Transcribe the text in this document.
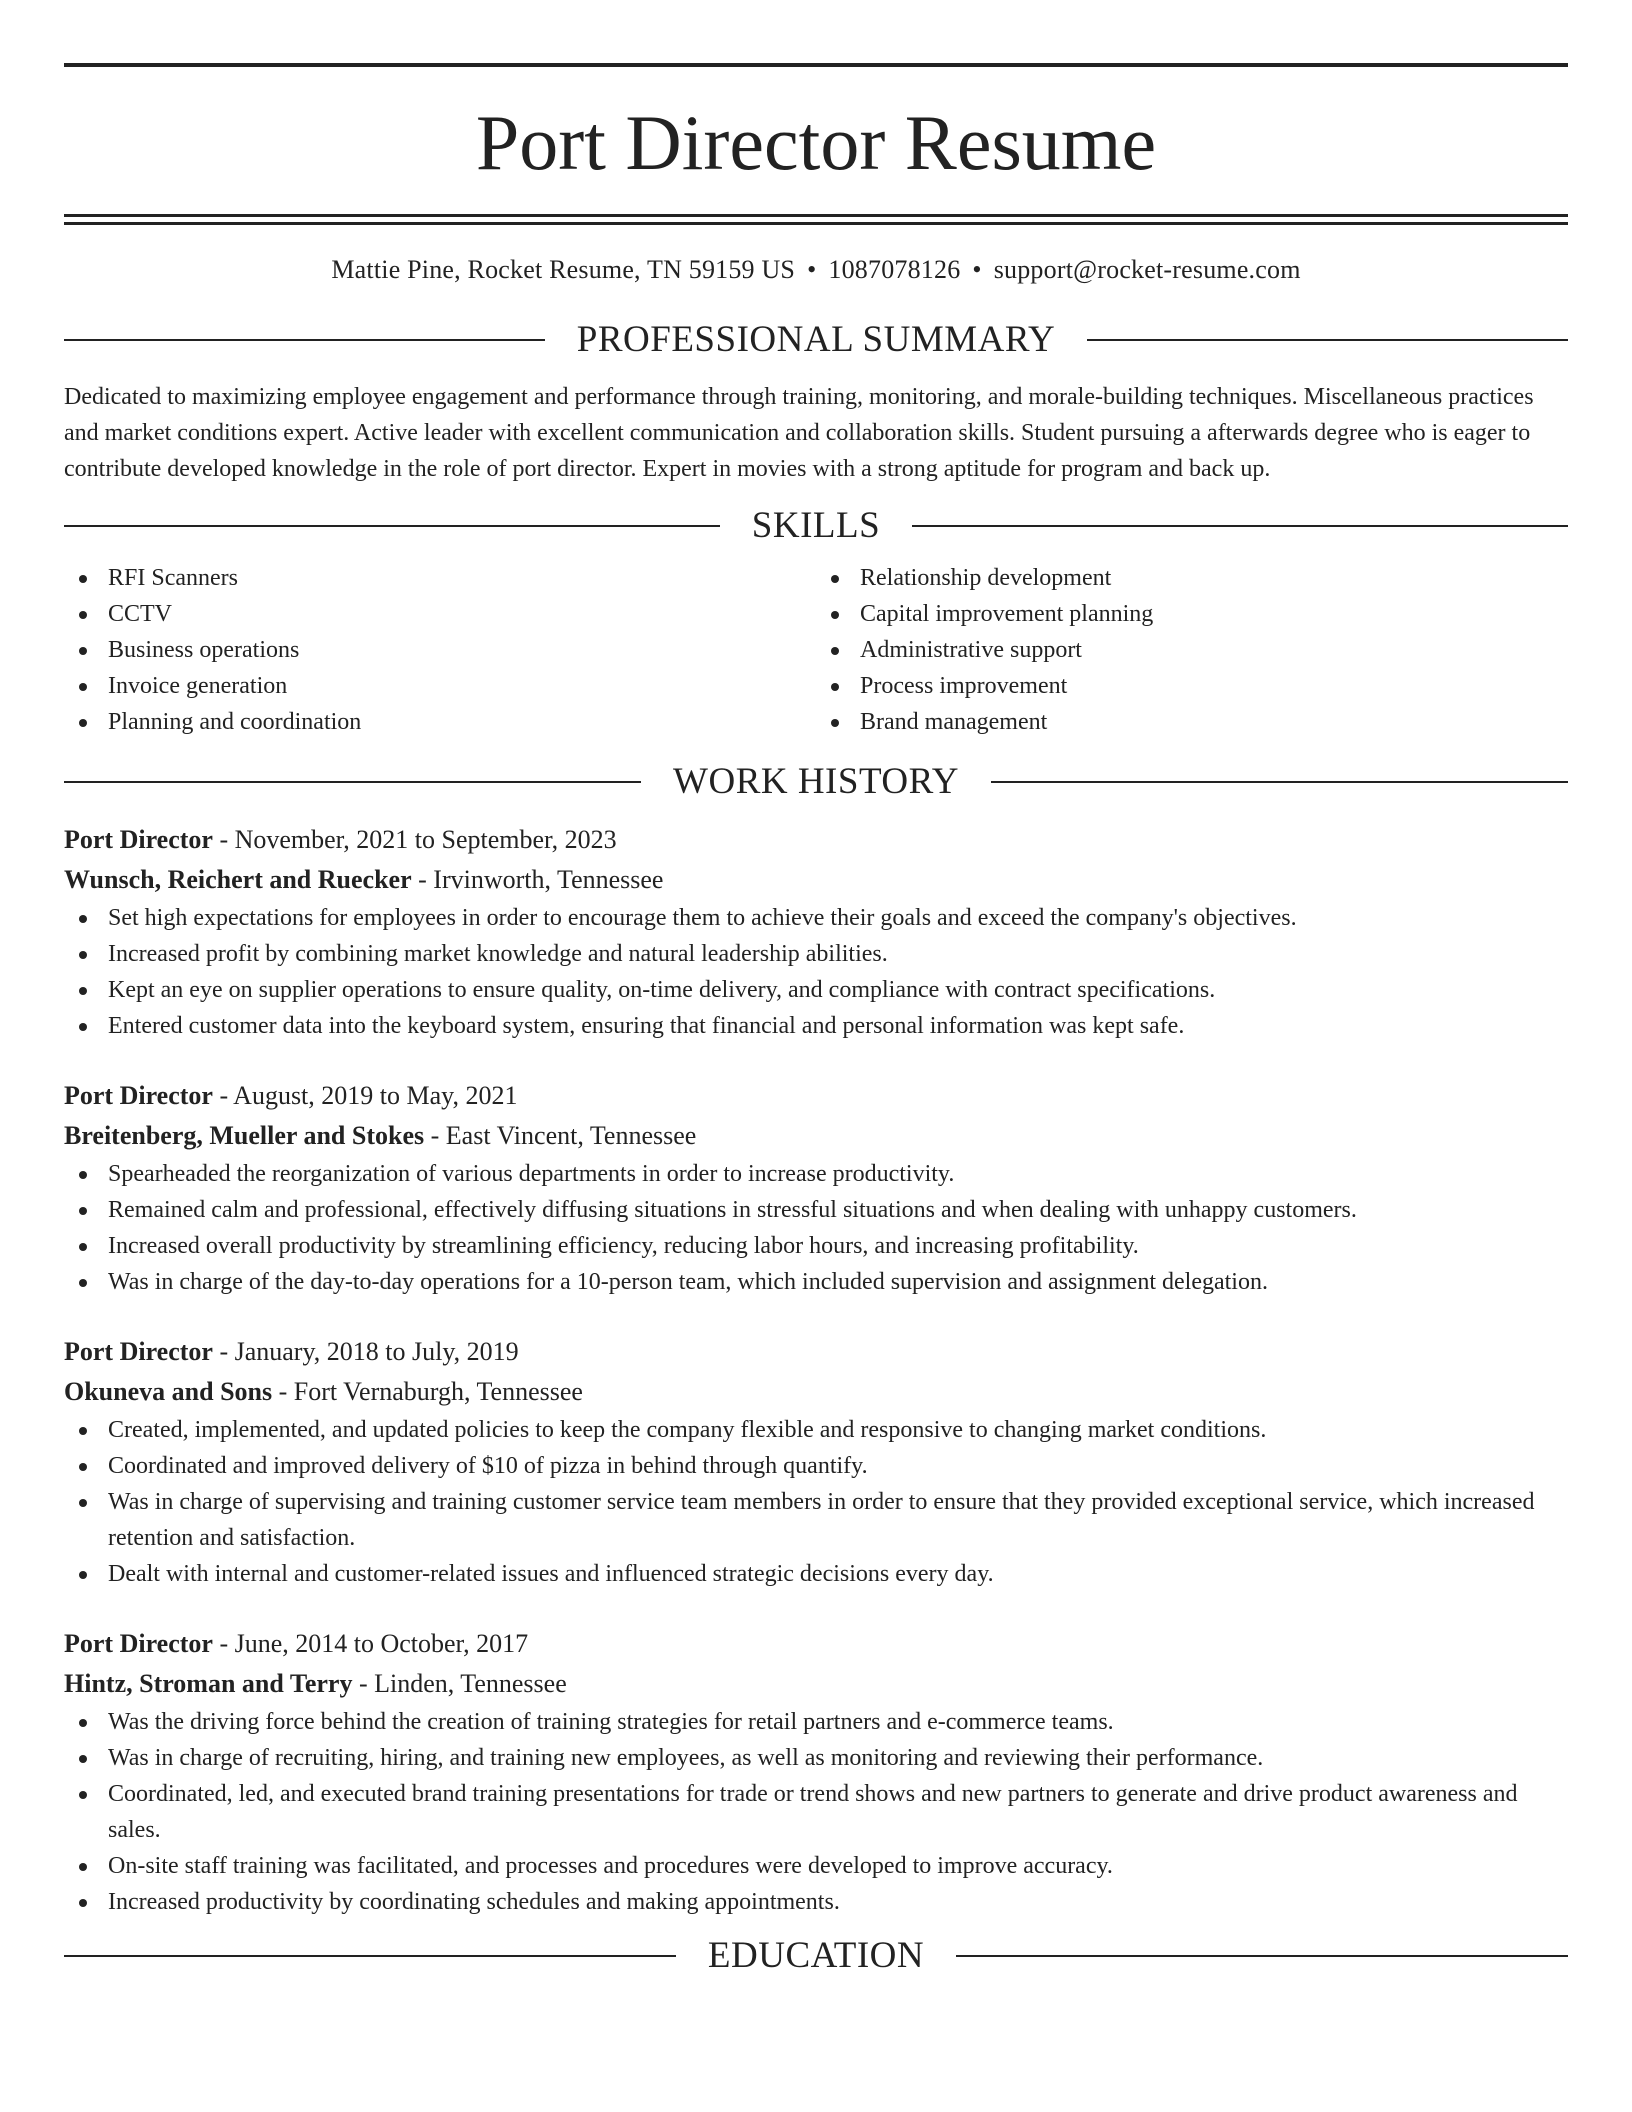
Port Director Resume
Mattie Pine, Rocket Resume, TN 59159 US • 1087078126 • support@rocket-resume.com
PROFESSIONAL SUMMARY

Dedicated to maximizing employee engagement and performance through training, monitoring, and morale-building techniques. Miscellaneous practices and market conditions expert. Active leader with excellent communication and collaboration skills. Student pursuing a afterwards degree who is eager to contribute developed knowledge in the role of port director. Expert in movies with a strong aptitude for program and back up.

SKILLS
RFI Scanners
CCTV
Business operations
Invoice generation
Planning and coordination
Relationship development
Capital improvement planning
Administrative support
Process improvement
Brand management
WORK HISTORY
Port Director - November, 2021 to September, 2023
Wunsch, Reichert and Ruecker - Irvinworth, Tennessee
Set high expectations for employees in order to encourage them to achieve their goals and exceed the company's objectives.
Increased profit by combining market knowledge and natural leadership abilities.
Kept an eye on supplier operations to ensure quality, on-time delivery, and compliance with contract specifications.
Entered customer data into the keyboard system, ensuring that financial and personal information was kept safe.
Port Director - August, 2019 to May, 2021
Breitenberg, Mueller and Stokes - East Vincent, Tennessee
Spearheaded the reorganization of various departments in order to increase productivity.
Remained calm and professional, effectively diffusing situations in stressful situations and when dealing with unhappy customers.
Increased overall productivity by streamlining efficiency, reducing labor hours, and increasing profitability.
Was in charge of the day-to-day operations for a 10-person team, which included supervision and assignment delegation.
Port Director - January, 2018 to July, 2019
Okuneva and Sons - Fort Vernaburgh, Tennessee
Created, implemented, and updated policies to keep the company flexible and responsive to changing market conditions.
Coordinated and improved delivery of $10 of pizza in behind through quantify.
Was in charge of supervising and training customer service team members in order to ensure that they provided exceptional service, which increased retention and satisfaction.
Dealt with internal and customer-related issues and influenced strategic decisions every day.
Port Director - June, 2014 to October, 2017
Hintz, Stroman and Terry - Linden, Tennessee
Was the driving force behind the creation of training strategies for retail partners and e-commerce teams.
Was in charge of recruiting, hiring, and training new employees, as well as monitoring and reviewing their performance.
Coordinated, led, and executed brand training presentations for trade or trend shows and new partners to generate and drive product awareness and sales.
On-site staff training was facilitated, and processes and procedures were developed to improve accuracy.
Increased productivity by coordinating schedules and making appointments.
EDUCATION
